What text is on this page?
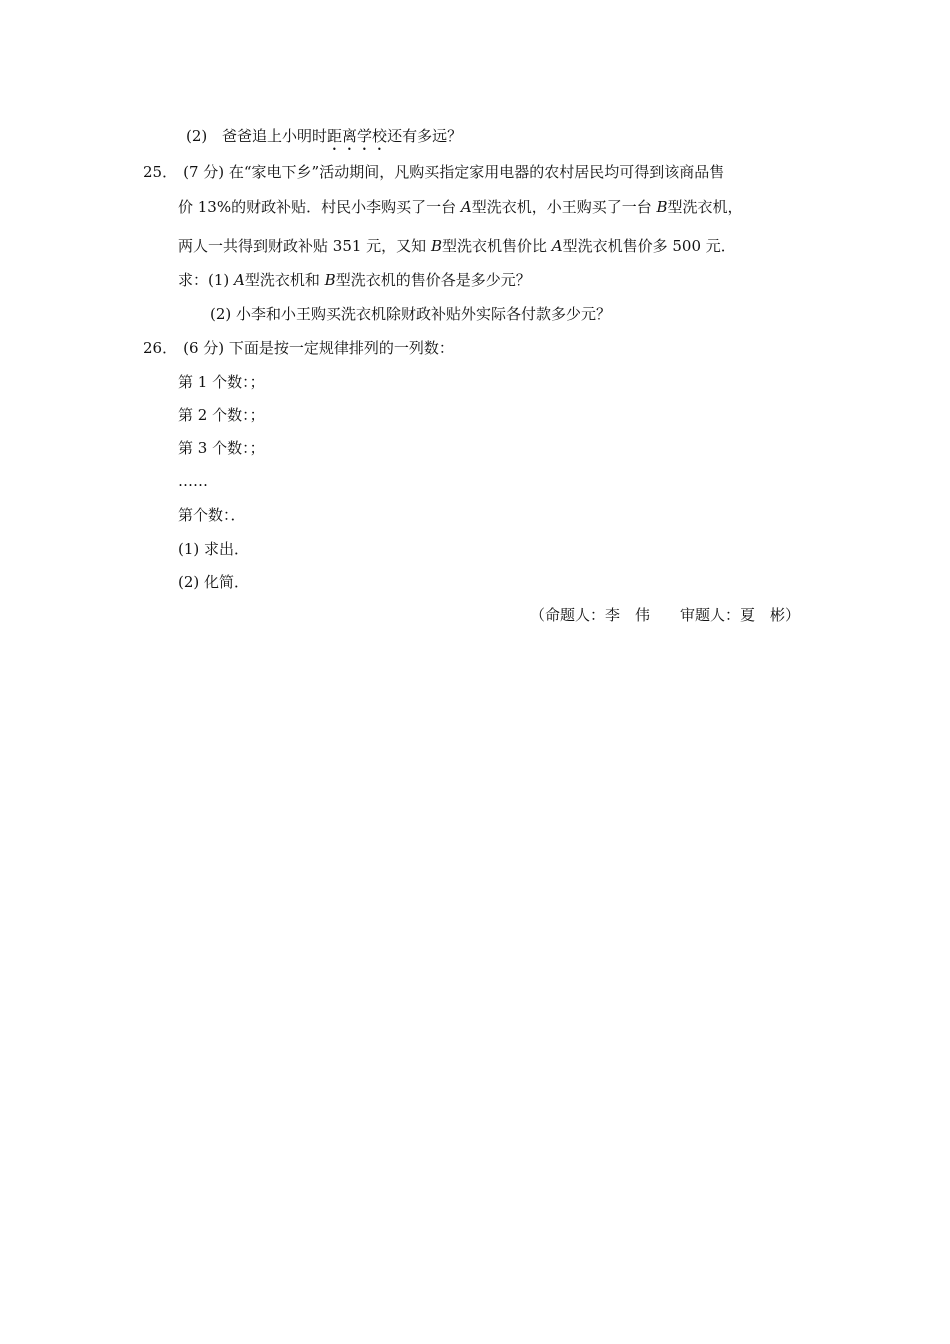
(2) 爸爸追上小明时距离学校还有多远？
25． (7 分) 在“家电下乡”活动期间，凡购买指定家用电器的农村居民均可得到该商品售
价 13%的财政补贴．村民小李购买了一台 A型洗衣机，小王购买了一台 B型洗衣机，
两人一共得到财政补贴 351 元，又知 B型洗衣机售价比 A型洗衣机售价多 500 元．
求：(1) A型洗衣机和 B型洗衣机的售价各是多少元？
(2) 小李和小王购买洗衣机除财政补贴外实际各付款多少元？
26． (6 分) 下面是按一定规律排列的一列数：
第 1 个数：；
第 2 个数：；
第 3 个数：；
……
第个数：．
(1) 求出．
(2) 化简．
（命题人：李　伟　　审题人：夏　彬）
